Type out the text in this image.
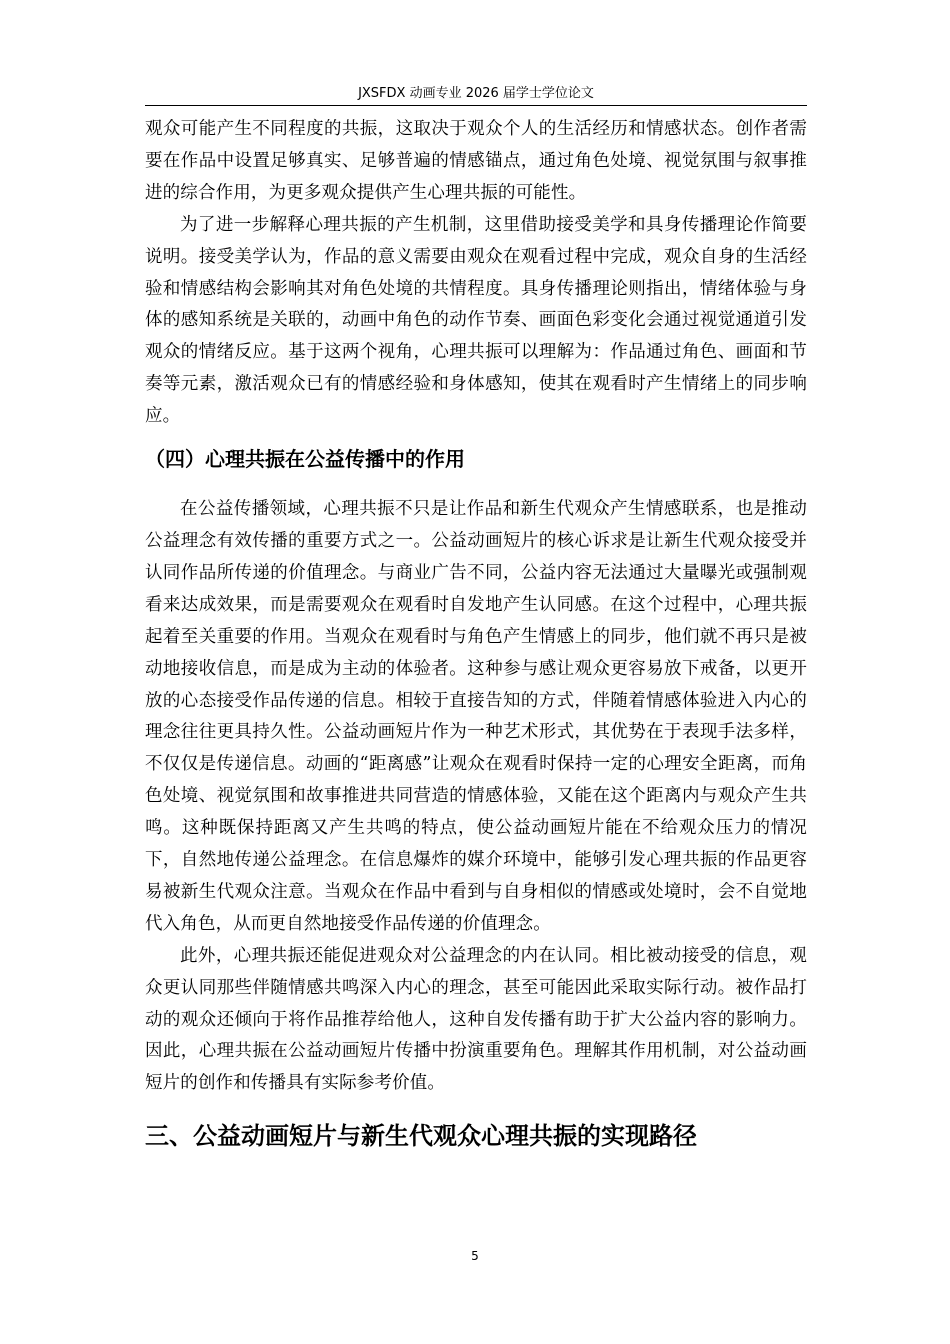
JXSFDX 动画专业 2026 届学士学位论文

观众可能产生不同程度的共振，这取决于观众个人的生活经历和情感状态。创作者需要在作品中设置足够真实、足够普遍的情感锚点，通过角色处境、视觉氛围与叙事推进的综合作用，为更多观众提供产生心理共振的可能性。

为了进一步解释心理共振的产生机制，这里借助接受美学和具身传播理论作简要说明。接受美学认为，作品的意义需要由观众在观看过程中完成，观众自身的生活经验和情感结构会影响其对角色处境的共情程度。具身传播理论则指出，情绪体验与身体的感知系统是关联的，动画中角色的动作节奏、画面色彩变化会通过视觉通道引发观众的情绪反应。基于这两个视角，心理共振可以理解为：作品通过角色、画面和节奏等元素，激活观众已有的情感经验和身体感知，使其在观看时产生情绪上的同步响应。

（四）心理共振在公益传播中的作用

在公益传播领域，心理共振不只是让作品和新生代观众产生情感联系，也是推动公益理念有效传播的重要方式之一。公益动画短片的核心诉求是让新生代观众接受并认同作品所传递的价值理念。与商业广告不同，公益内容无法通过大量曝光或强制观看来达成效果，而是需要观众在观看时自发地产生认同感。在这个过程中，心理共振起着至关重要的作用。当观众在观看时与角色产生情感上的同步，他们就不再只是被动地接收信息，而是成为主动的体验者。这种参与感让观众更容易放下戒备，以更开放的心态接受作品传递的信息。相较于直接告知的方式，伴随着情感体验进入内心的理念往往更具持久性。公益动画短片作为一种艺术形式，其优势在于表现手法多样，不仅仅是传递信息。动画的“距离感”让观众在观看时保持一定的心理安全距离，而角色处境、视觉氛围和故事推进共同营造的情感体验，又能在这个距离内与观众产生共鸣。这种既保持距离又产生共鸣的特点，使公益动画短片能在不给观众压力的情况下，自然地传递公益理念。在信息爆炸的媒介环境中，能够引发心理共振的作品更容易被新生代观众注意。当观众在作品中看到与自身相似的情感或处境时，会不自觉地代入角色，从而更自然地接受作品传递的价值理念。

此外，心理共振还能促进观众对公益理念的内在认同。相比被动接受的信息，观众更认同那些伴随情感共鸣深入内心的理念，甚至可能因此采取实际行动。被作品打动的观众还倾向于将作品推荐给他人，这种自发传播有助于扩大公益内容的影响力。因此，心理共振在公益动画短片传播中扮演重要角色。理解其作用机制，对公益动画短片的创作和传播具有实际参考价值。

三、公益动画短片与新生代观众心理共振的实现路径
5
